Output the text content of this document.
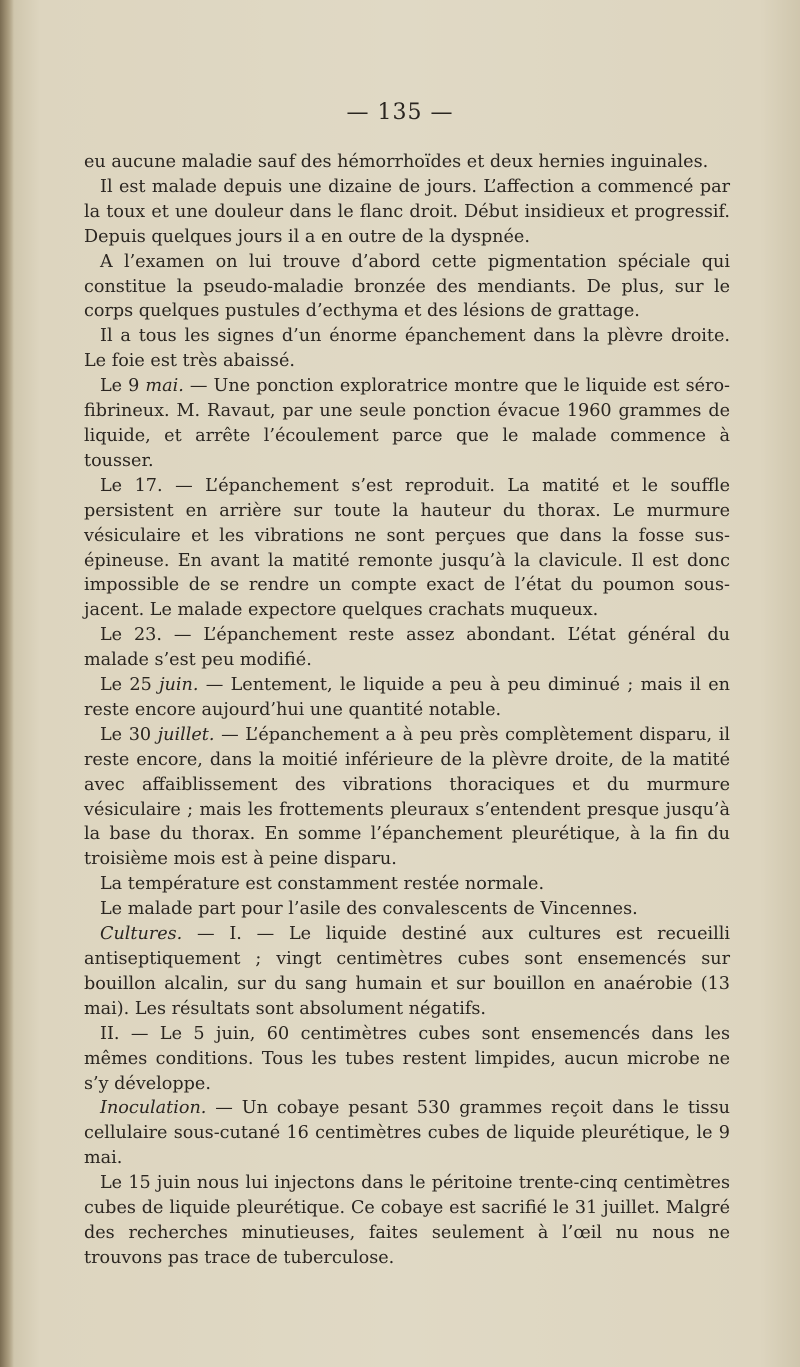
— 135 —

eu aucune maladie sauf des hémorrhoïdes et deux hernies inguinales.

Il est malade depuis une dizaine de jours. L’affection a commencé par la toux et une douleur dans le flanc droit. Début insidieux et progressif. Depuis quelques jours il a en outre de la dyspnée.

A l’examen on lui trouve d’abord cette pigmentation spéciale qui constitue la pseudo-maladie bronzée des mendiants. De plus, sur le corps quelques pustules d’ecthyma et des lésions de grattage.

Il a tous les signes d’un énorme épanchement dans la plèvre droite. Le foie est très abaissé.

Le 9 mai. — Une ponction exploratrice montre que le liquide est séro-fibrineux. M. Ravaut, par une seule ponction évacue 1960 grammes de liquide, et arrête l’écoulement parce que le malade commence à tousser.

Le 17. — L’épanchement s’est reproduit. La matité et le souffle persistent en arrière sur toute la hauteur du thorax. Le murmure vésiculaire et les vibrations ne sont perçues que dans la fosse sus-épineuse. En avant la matité remonte jusqu’à la clavicule. Il est donc impossible de se rendre un compte exact de l’état du poumon sous-jacent. Le malade expectore quelques crachats muqueux.

Le 23. — L’épanchement reste assez abondant. L’état général du malade s’est peu modifié.

Le 25 juin. — Lentement, le liquide a peu à peu diminué ; mais il en reste encore aujourd’hui une quantité notable.

Le 30 juillet. — L’épanchement a à peu près complètement disparu, il reste encore, dans la moitié inférieure de la plèvre droite, de la matité avec affaiblissement des vibrations thoraciques et du murmure vésiculaire ; mais les frottements pleuraux s’entendent presque jusqu’à la base du thorax. En somme l’épanchement pleurétique, à la fin du troisième mois est à peine disparu.

La température est constamment restée normale.

Le malade part pour l’asile des convalescents de Vincennes.

Cultures. — I. — Le liquide destiné aux cultures est recueilli antiseptiquement ; vingt centimètres cubes sont ensemencés sur bouillon alcalin, sur du sang humain et sur bouillon en anaérobie (13 mai). Les résultats sont absolument négatifs.

II. — Le 5 juin, 60 centimètres cubes sont ensemencés dans les mêmes conditions. Tous les tubes restent limpides, aucun microbe ne s’y développe.

Inoculation. — Un cobaye pesant 530 grammes reçoit dans le tissu cellulaire sous-cutané 16 centimètres cubes de liquide pleurétique, le 9 mai.

Le 15 juin nous lui injectons dans le péritoine trente-cinq centimètres cubes de liquide pleurétique. Ce cobaye est sacrifié le 31 juillet. Malgré des recherches minutieuses, faites seulement à l’œil nu nous ne trouvons pas trace de tuberculose.
